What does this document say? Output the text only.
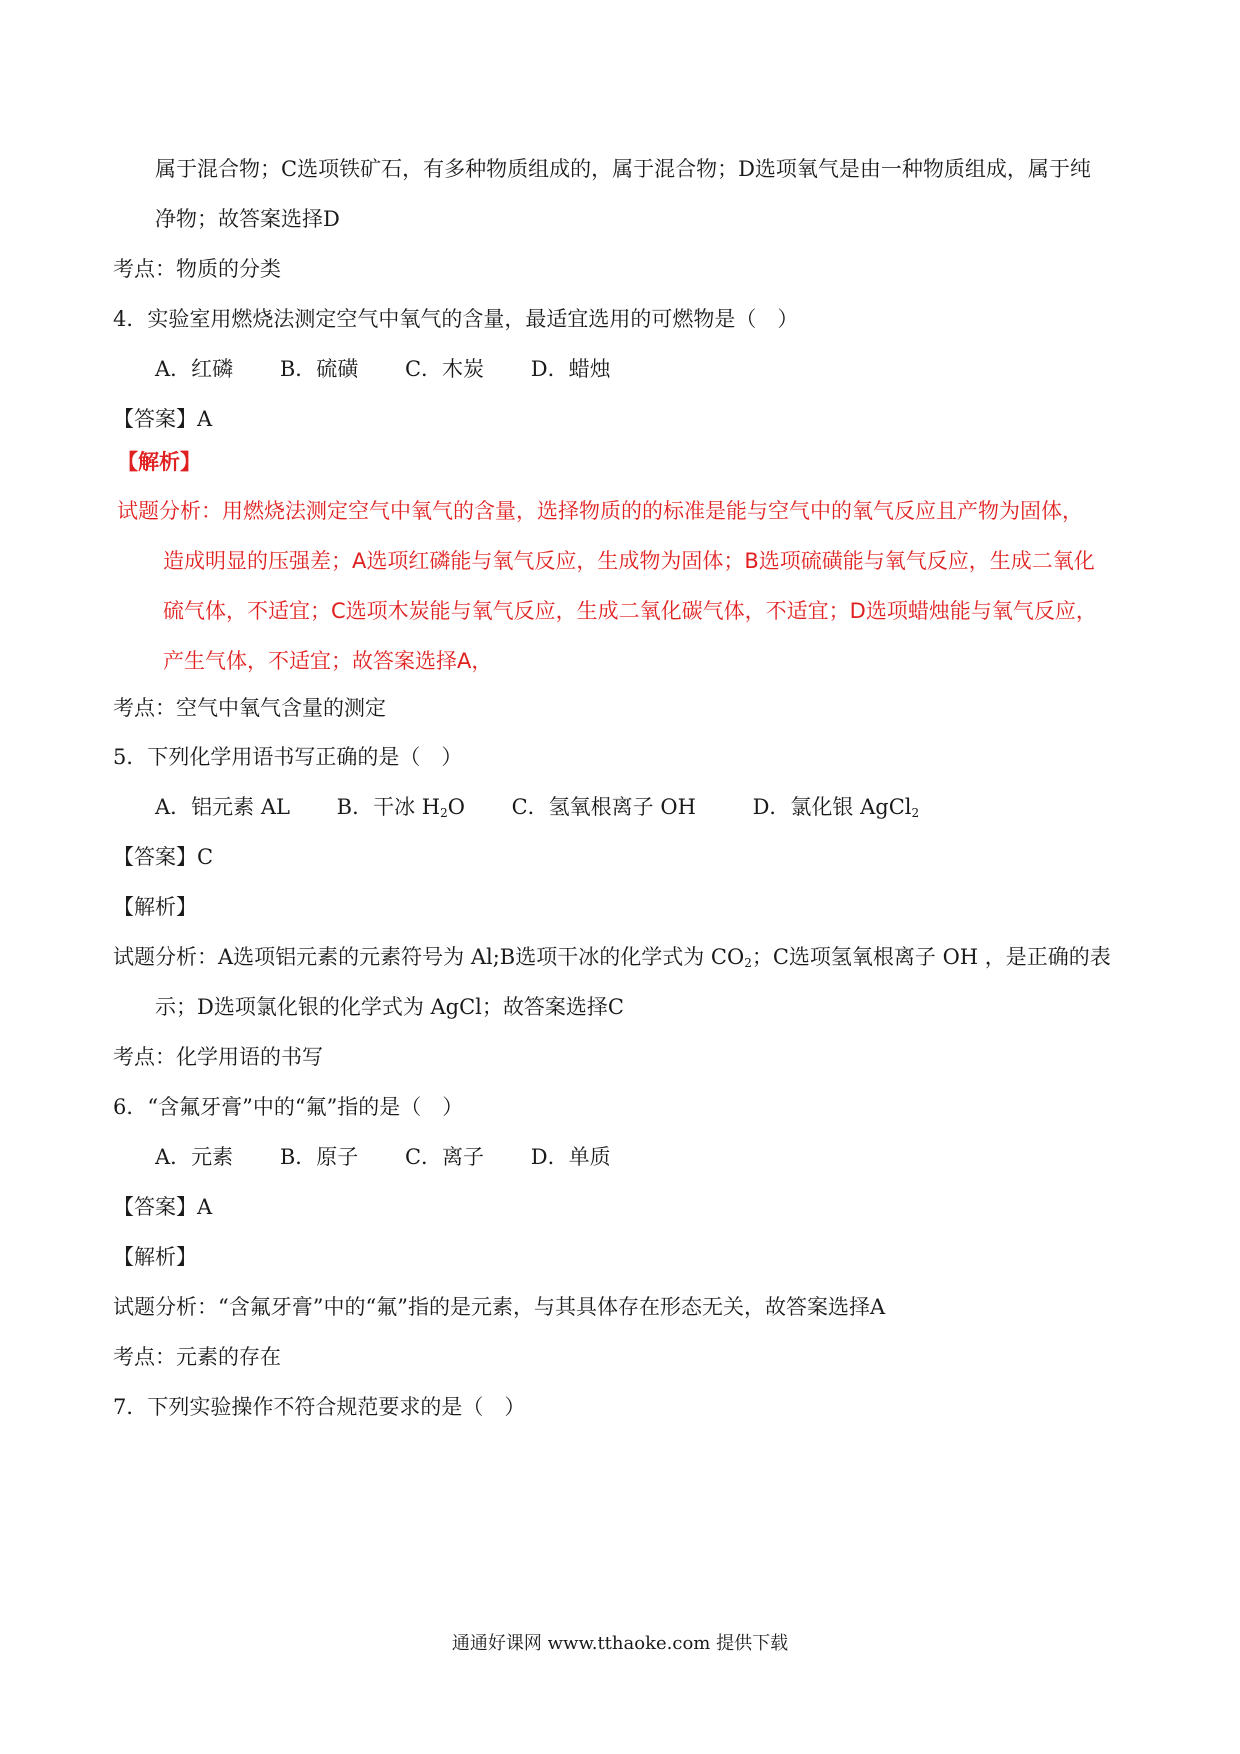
属于混合物；C选项铁矿石，有多种物质组成的，属于混合物；D选项氧气是由一种物质组成，属于纯
净物；故答案选择D
考点：物质的分类
4．实验室用燃烧法测定空气中氧气的含量，最适宜选用的可燃物是（　）
A．红磷 B．硫磺 C．木炭 D．蜡烛
【答案】A
【解析】
试题分析：用燃烧法测定空气中氧气的含量，选择物质的的标准是能与空气中的氧气反应且产物为固体，
造成明显的压强差；A选项红磷能与氧气反应，生成物为固体；B选项硫磺能与氧气反应，生成二氧化
硫气体，不适宜；C选项木炭能与氧气反应，生成二氧化碳气体，不适宜；D选项蜡烛能与氧气反应，
产生气体，不适宜；故答案选择A，
考点：空气中氧气含量的测定
5．下列化学用语书写正确的是（　）
A．铝元素 AL B．干冰 $H_2O$ C．氢氧根离子 OH	D．氯化银 AgCl$_2$
【答案】C
【解析】
试题分析：A选项铝元素的元素符号为 Al;B选项干冰的化学式为 $CO_2$；C选项氢氧根离子 OH ，是正确的表
示；D选项氯化银的化学式为 AgCl；故答案选择C
考点：化学用语的书写
6．“含氟牙膏”中的“氟”指的是（　）
A．元素 B．原子 C．离子 D．单质
【答案】A
【解析】
试题分析：“含氟牙膏”中的“氟”指的是元素，与其具体存在形态无关，故答案选择A
考点：元素的存在
7．下列实验操作不符合规范要求的是（　）
通通好课网 www.tthaoke.com 提供下载
